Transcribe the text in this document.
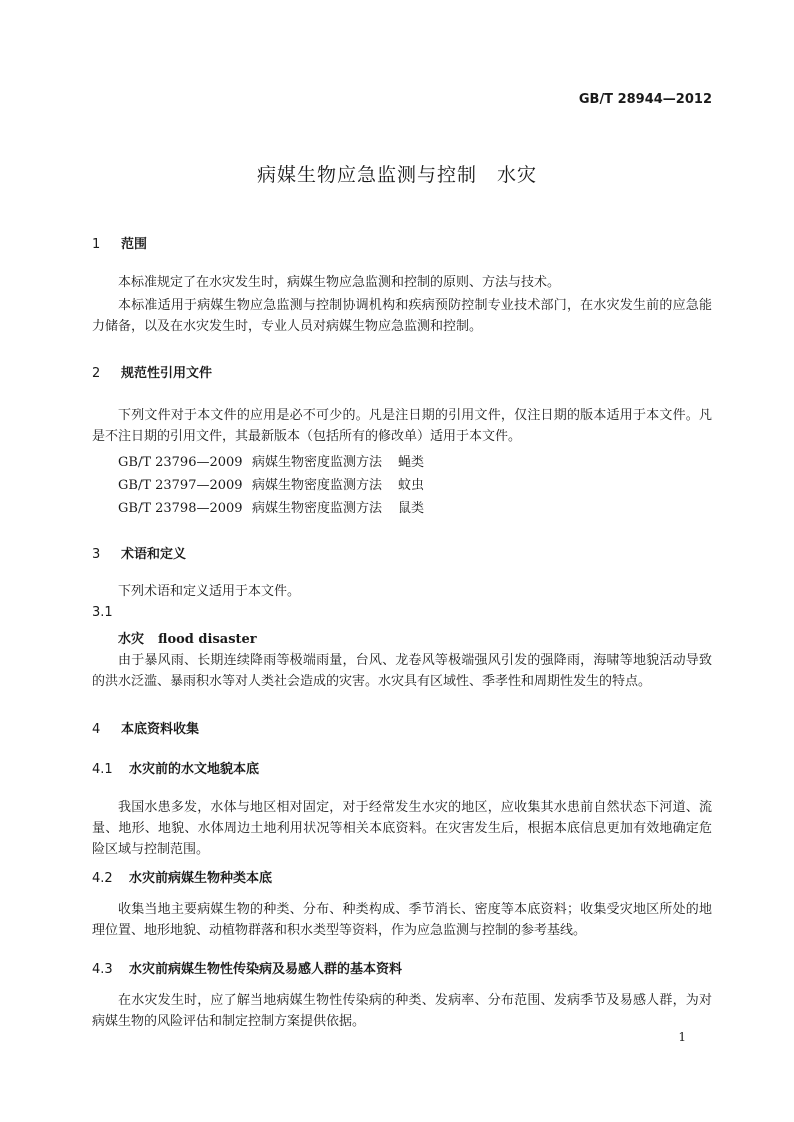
GB/T 28944—2012
病媒生物应急监测与控制　水灾
1 范围
本标准规定了在水灾发生时，病媒生物应急监测和控制的原则、方法与技术。
本标准适用于病媒生物应急监测与控制协调机构和疾病预防控制专业技术部门，在水灾发生前的应急能力储备，以及在水灾发生时，专业人员对病媒生物应急监测和控制。
2 规范性引用文件
下列文件对于本文件的应用是必不可少的。凡是注日期的引用文件，仅注日期的版本适用于本文件。凡是不注日期的引用文件，其最新版本（包括所有的修改单）适用于本文件。
GB/T 23796—2009 病媒生物密度监测方法 蝇类
GB/T 23797—2009 病媒生物密度监测方法 蚊虫
GB/T 23798—2009 病媒生物密度监测方法 鼠类
3 术语和定义
下列术语和定义适用于本文件。
3.1
水灾 flood disaster
由于暴风雨、长期连续降雨等极端雨量，台风、龙卷风等极端强风引发的强降雨，海啸等地貌活动导致的洪水泛滥、暴雨积水等对人类社会造成的灾害。水灾具有区域性、季孝性和周期性发生的特点。
4 本底资料收集
4.1 水灾前的水文地貌本底
我国水患多发，水体与地区相对固定，对于经常发生水灾的地区，应收集其水患前自然状态下河道、流量、地形、地貌、水体周边土地利用状况等相关本底资料。在灾害发生后，根据本底信息更加有效地确定危险区域与控制范围。
4.2 水灾前病媒生物种类本底
收集当地主要病媒生物的种类、分布、种类构成、季节消长、密度等本底资料；收集受灾地区所处的地理位置、地形地貌、动植物群落和积水类型等资料，作为应急监测与控制的参考基线。
4.3 水灾前病媒生物性传染病及易感人群的基本资料
在水灾发生时，应了解当地病媒生物性传染病的种类、发病率、分布范围、发病季节及易感人群，为对病媒生物的风险评估和制定控制方案提供依据。
1
